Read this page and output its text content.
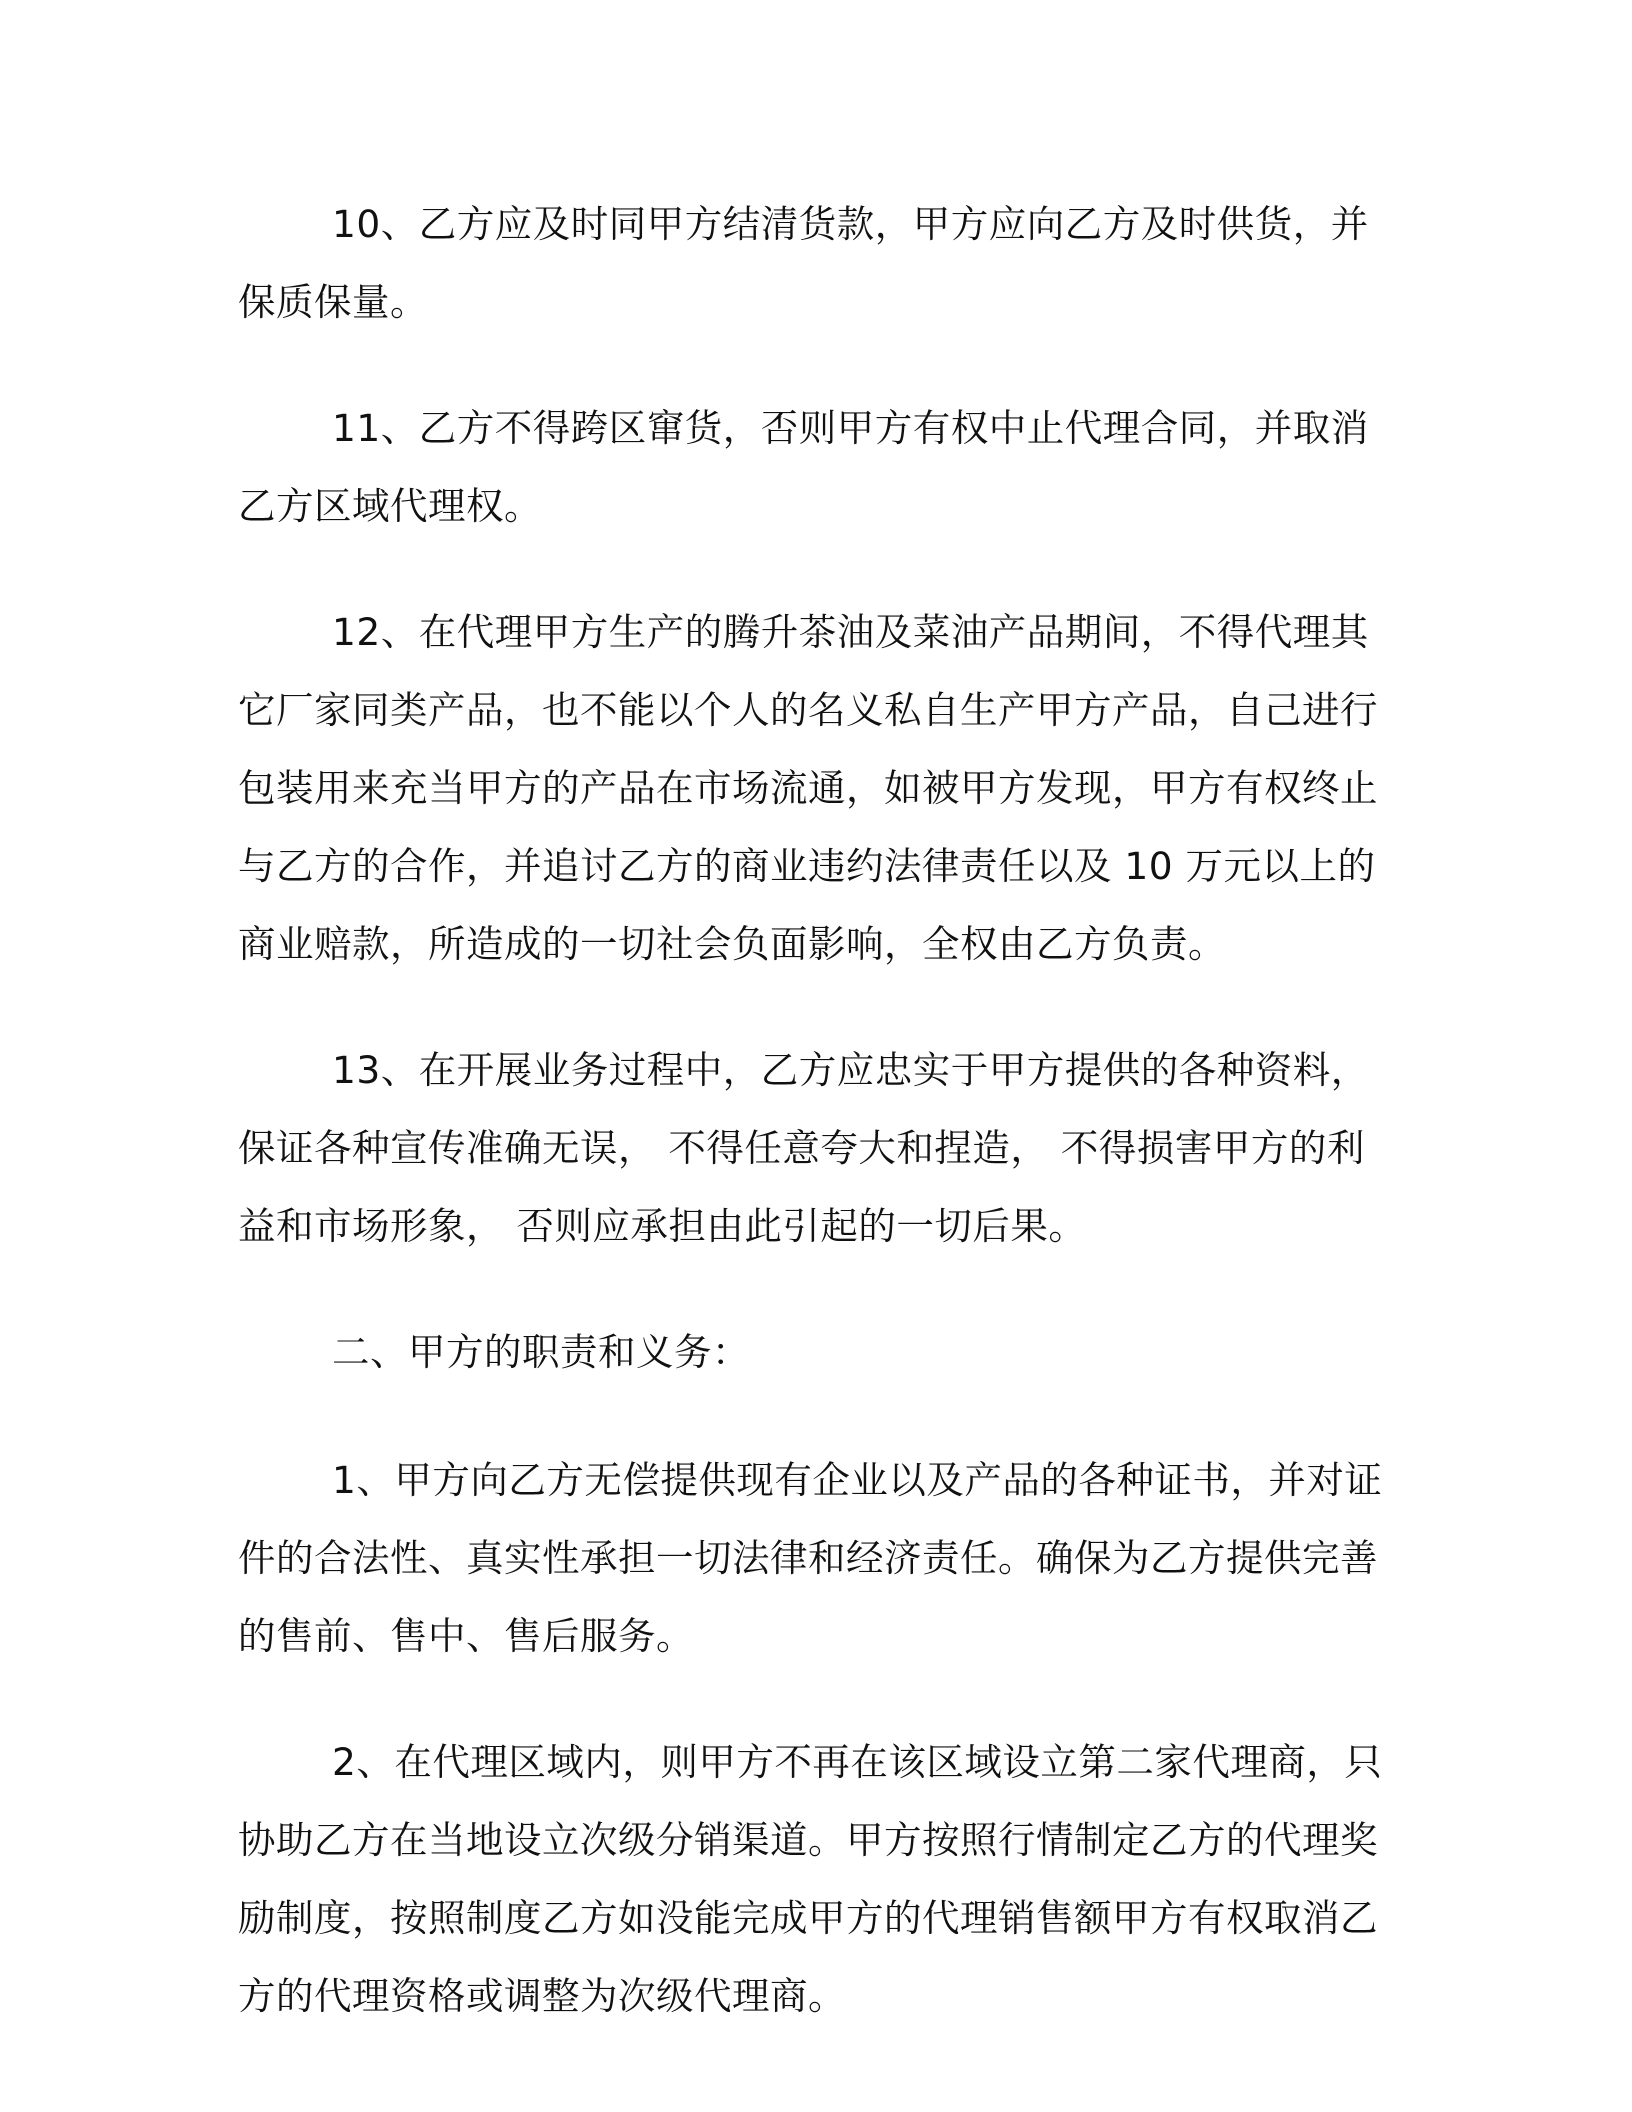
10、乙方应及时同甲方结清货款，甲方应向乙方及时供货，并保质保量。

11、乙方不得跨区窜货，否则甲方有权中止代理合同，并取消乙方区域代理权。

12、在代理甲方生产的腾升茶油及菜油产品期间，不得代理其它厂家同类产品，也不能以个人的名义私自生产甲方产品，自己进行包装用来充当甲方的产品在市场流通，如被甲方发现，甲方有权终止与乙方的合作，并追讨乙方的商业违约法律责任以及 10 万元以上的商业赔款，所造成的一切社会负面影响，全权由乙方负责。

13、在开展业务过程中，乙方应忠实于甲方提供的各种资料，保证各种宣传准确无误， 不得任意夸大和捏造， 不得损害甲方的利益和市场形象， 否则应承担由此引起的一切后果。

二、甲方的职责和义务：

1、甲方向乙方无偿提供现有企业以及产品的各种证书，并对证件的合法性、真实性承担一切法律和经济责任。确保为乙方提供完善的售前、售中、售后服务。

2、在代理区域内，则甲方不再在该区域设立第二家代理商，只协助乙方在当地设立次级分销渠道。甲方按照行情制定乙方的代理奖励制度，按照制度乙方如没能完成甲方的代理销售额甲方有权取消乙方的代理资格或调整为次级代理商。
